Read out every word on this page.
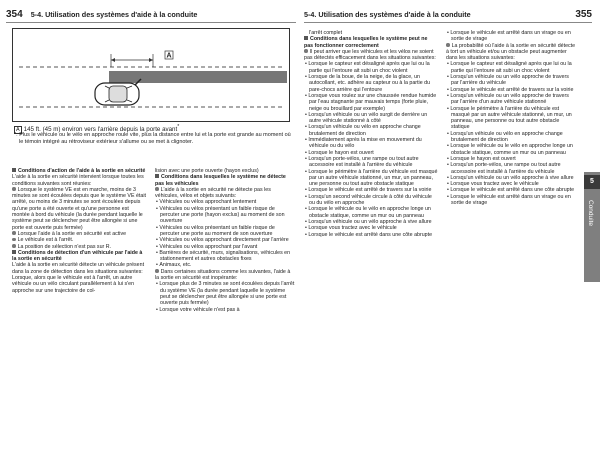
354 5-4. Utilisation des systèmes d'aide à la conduite	5-4. Utilisation des systèmes d'aide à la conduite	355
A
A 145 ft. (45 m) environ vers l'arrière depuis la porte avant*
*: Plus le véhicule ou le vélo en approche roule vite, plus la distance entre lui et la porte est grande au moment où le témoin intégré au rétroviseur extérieur s'allume ou se met à clignoter.

Conditions d'action de l'aide à la sortie en sécurité

L'aide à la sortie en sécurité intervient lorsque toutes les conditions suivantes sont réunies:

Lorsque le système VE est en marche, moins de 3 minutes se sont écoulées depuis que le système VE était arrêté, ou moins de 3 minutes se sont écoulées depuis qu'une porte a été ouverte et qu'une personne est montée à bord du véhicule (la durée pendant laquelle le système peut se déclencher peut être allongée si une porte est ouverte puis fermée)

Lorsque l'aide à la sortie en sécurité est active

Le véhicule est à l'arrêt.

La position de sélection n'est pas sur R.

Conditions de détection d'un véhicule par l'aide à la sortie en sécurité

L'aide à la sortie en sécurité détecte un véhicule présent dans la zone de détection dans les situations suivantes:

Lorsque, alors que le véhicule est à l'arrêt, un autre véhicule ou un vélo circulant parallèlement à lui s'en approche sur une trajectoire de col-

lision avec une porte ouverte (hayon exclus)

Conditions dans lesquelles le système ne détecte pas les véhicules

L'aide à la sortie en sécurité ne détecte pas les véhicules, vélos et objets suivants:

• Véhicules ou vélos approchant lentement

• Véhicules ou vélos présentant un faible risque de percuter une porte (hayon exclus) au moment de son ouverture

• Véhicules ou vélos présentant un faible risque de percuter une porte au moment de son ouverture

• Véhicules ou vélos approchant directement par l'arrière

• Véhicules ou vélos approchant par l'avant

• Barrières de sécurité, murs, signalisations, véhicules en stationnement et autres obstacles fixes

• Animaux, etc.

Dans certaines situations comme les suivantes, l'aide à la sortie en sécurité est inopérante:

• Lorsque plus de 3 minutes se sont écoulées depuis l'arrêt du système VE (la durée pendant laquelle le système peut se déclencher peut être allongée si une porte est ouverte puis fermée)

• Lorsque votre véhicule n'est pas à

l'arrêt complet

Conditions dans lesquelles le système peut ne pas fonctionner correctement

Il peut arriver que les véhicules et les vélos ne soient pas détectés efficacement dans les situations suivantes:

• Lorsque le capteur est désaligné après que lui ou la partie qui l'entoure ait subi un choc violent

• Lorsque de la boue, de la neige, de la glace, un autocollant, etc. adhère au capteur ou à la partie du pare-chocs arrière qui l'entoure

• Lorsque vous roulez sur une chaussée rendue humide par l'eau stagnante par mauvais temps (forte pluie, neige ou brouillard par exemple)

• Lorsqu'un véhicule ou un vélo surgit de derrière un autre véhicule stationné à côté

• Lorsqu'un véhicule ou vélo en approche change brutalement de direction

• Immédiatement après la mise en mouvement du véhicule ou du vélo

• Lorsque le hayon est ouvert

• Lorsqu'un porte-vélos, une rampe ou tout autre accessoire est installé à l'arrière du véhicule

• Lorsque le périmètre à l'arrière du véhicule est masqué par un autre véhicule stationné, un mur, un panneau, une personne ou tout autre obstacle statique

• Lorsque le véhicule est arrêté de travers sur la voirie

• Lorsqu'un second véhicule circule à côté du véhicule ou du vélo en approche

• Lorsque le véhicule ou le vélo en approche longe un obstacle statique, comme un mur ou un panneau

• Lorsqu'un véhicule ou un vélo approche à vive allure

• Lorsque vous tractez avec le véhicule

• Lorsque le véhicule est arrêté dans une côte abrupte

• Lorsque le véhicule est arrêté dans un virage ou en sortie de virage

La probabilité où l'aide à la sortie en sécurité détecte à tort un véhicule et/ou un obstacle peut augmenter dans les situations suivantes:

• Lorsque le capteur est désaligné après que lui ou la partie qui l'entoure ait subi un choc violent

• Lorsqu'un véhicule ou un vélo approche de travers par l'arrière du véhicule

• Lorsque le véhicule est arrêté de travers sur la voirie

• Lorsqu'un véhicule ou un vélo approche de travers par l'arrière d'un autre véhicule stationné

• Lorsque le périmètre à l'arrière du véhicule est masqué par un autre véhicule stationné, un mur, un panneau, une personne ou tout autre obstacle statique

• Lorsqu'un véhicule ou vélo en approche change brutalement de direction

• Lorsque le véhicule ou le vélo en approche longe un obstacle statique, comme un mur ou un panneau

• Lorsque le hayon est ouvert

• Lorsqu'un porte-vélos, une rampe ou tout autre accessoire est installé à l'arrière du véhicule

• Lorsqu'un véhicule ou un vélo approche à vive allure

• Lorsque vous tractez avec le véhicule

• Lorsque le véhicule est arrêté dans une côte abrupte

• Lorsque le véhicule est arrêté dans un virage ou en sortie de virage

5
Conduite
